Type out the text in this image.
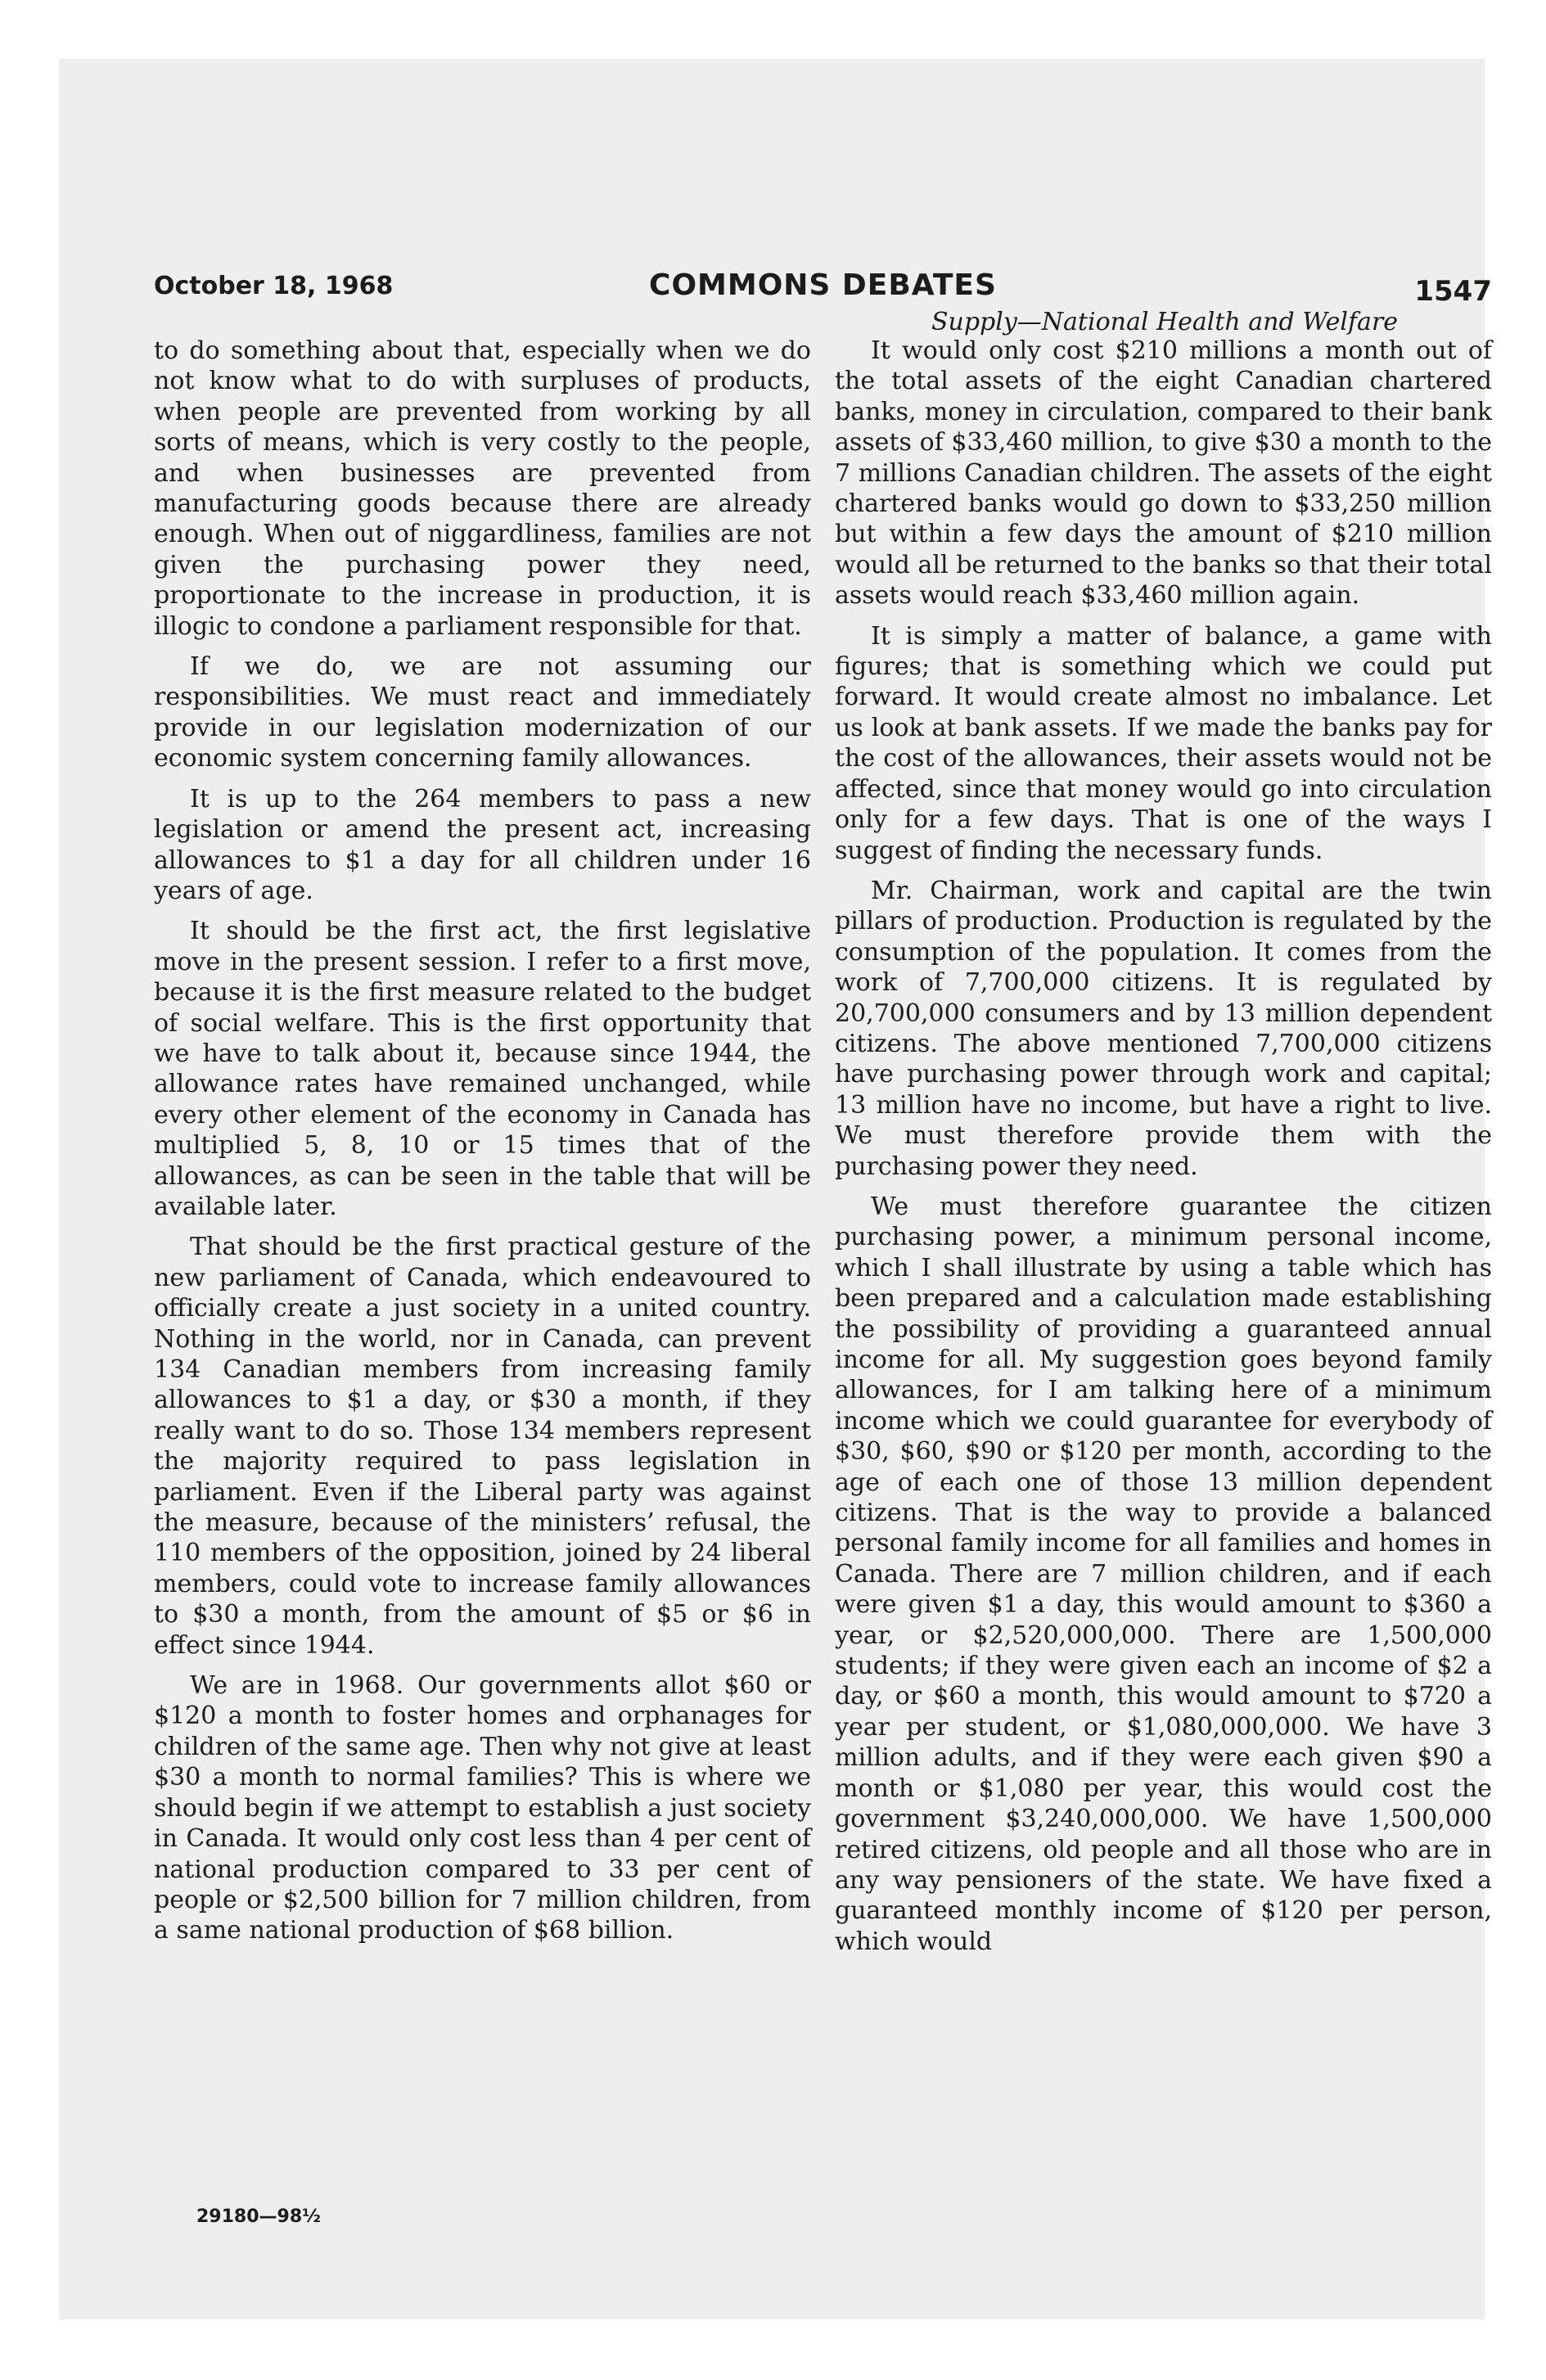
October 18, 1968	COMMONS DEBATES	1547
Supply—National Health and Welfare

to do something about that, especially when we do not know what to do with surpluses of products, when people are prevented from working by all sorts of means, which is very costly to the people, and when businesses are prevented from manufacturing goods because there are already enough. When out of niggardliness, families are not given the purchasing power they need, proportionate to the increase in production, it is illogic to condone a parliament responsible for that.

If we do, we are not assuming our responsibilities. We must react and immediately provide in our legislation modernization of our economic system concerning family allowances.

It is up to the 264 members to pass a new legislation or amend the present act, increasing allowances to $1 a day for all children under 16 years of age.

It should be the first act, the first legislative move in the present session. I refer to a first move, because it is the first measure related to the budget of social welfare. This is the first opportunity that we have to talk about it, because since 1944, the allowance rates have remained unchanged, while every other element of the economy in Canada has multiplied 5, 8, 10 or 15 times that of the allowances, as can be seen in the table that will be available later.

That should be the first practical gesture of the new parliament of Canada, which endeavoured to officially create a just society in a united country. Nothing in the world, nor in Canada, can prevent 134 Canadian members from increasing family allowances to $1 a day, or $30 a month, if they really want to do so. Those 134 members represent the majority required to pass legislation in parliament. Even if the Liberal party was against the measure, because of the ministers’ refusal, the 110 members of the opposition, joined by 24 liberal members, could vote to increase family allowances to $30 a month, from the amount of $5 or $6 in effect since 1944.

We are in 1968. Our governments allot $60 or $120 a month to foster homes and orphanages for children of the same age. Then why not give at least $30 a month to normal families? This is where we should begin if we attempt to establish a just society in Canada. It would only cost less than 4 per cent of national production compared to 33 per cent of people or $2,500 billion for 7 million children, from a same national production of $68 billion.

It would only cost $210 millions a month out of the total assets of the eight Canadian chartered banks, money in circulation, compared to their bank assets of $33,460 million, to give $30 a month to the 7 millions Canadian children. The assets of the eight chartered banks would go down to $33,250 million but within a few days the amount of $210 million would all be returned to the banks so that their total assets would reach $33,460 million again.

It is simply a matter of balance, a game with figures; that is something which we could put forward. It would create almost no imbalance. Let us look at bank assets. If we made the banks pay for the cost of the allowances, their assets would not be affected, since that money would go into circulation only for a few days. That is one of the ways I suggest of finding the necessary funds.

Mr. Chairman, work and capital are the twin pillars of production. Production is regulated by the consumption of the population. It comes from the work of 7,700,000 citizens. It is regulated by 20,700,000 consumers and by 13 million dependent citizens. The above mentioned 7,700,000 citizens have purchasing power through work and capital; 13 million have no income, but have a right to live. We must therefore provide them with the purchasing power they need.

We must therefore guarantee the citizen purchasing power, a minimum personal income, which I shall illustrate by using a table which has been prepared and a calculation made establishing the possibility of providing a guaranteed annual income for all. My suggestion goes beyond family allowances, for I am talking here of a minimum income which we could guarantee for everybody of $30, $60, $90 or $120 per month, according to the age of each one of those 13 million dependent citizens. That is the way to provide a balanced personal family income for all families and homes in Canada. There are 7 million children, and if each were given $1 a day, this would amount to $360 a year, or $2,520,000,000. There are 1,500,000 students; if they were given each an income of $2 a day, or $60 a month, this would amount to $720 a year per student, or $1,080,000,000. We have 3 million adults, and if they were each given $90 a month or $1,080 per year, this would cost the government $3,240,000,000. We have 1,500,000 retired citizens, old people and all those who are in any way pensioners of the state. We have fixed a guaranteed monthly income of $120 per person, which would

29180—98½
